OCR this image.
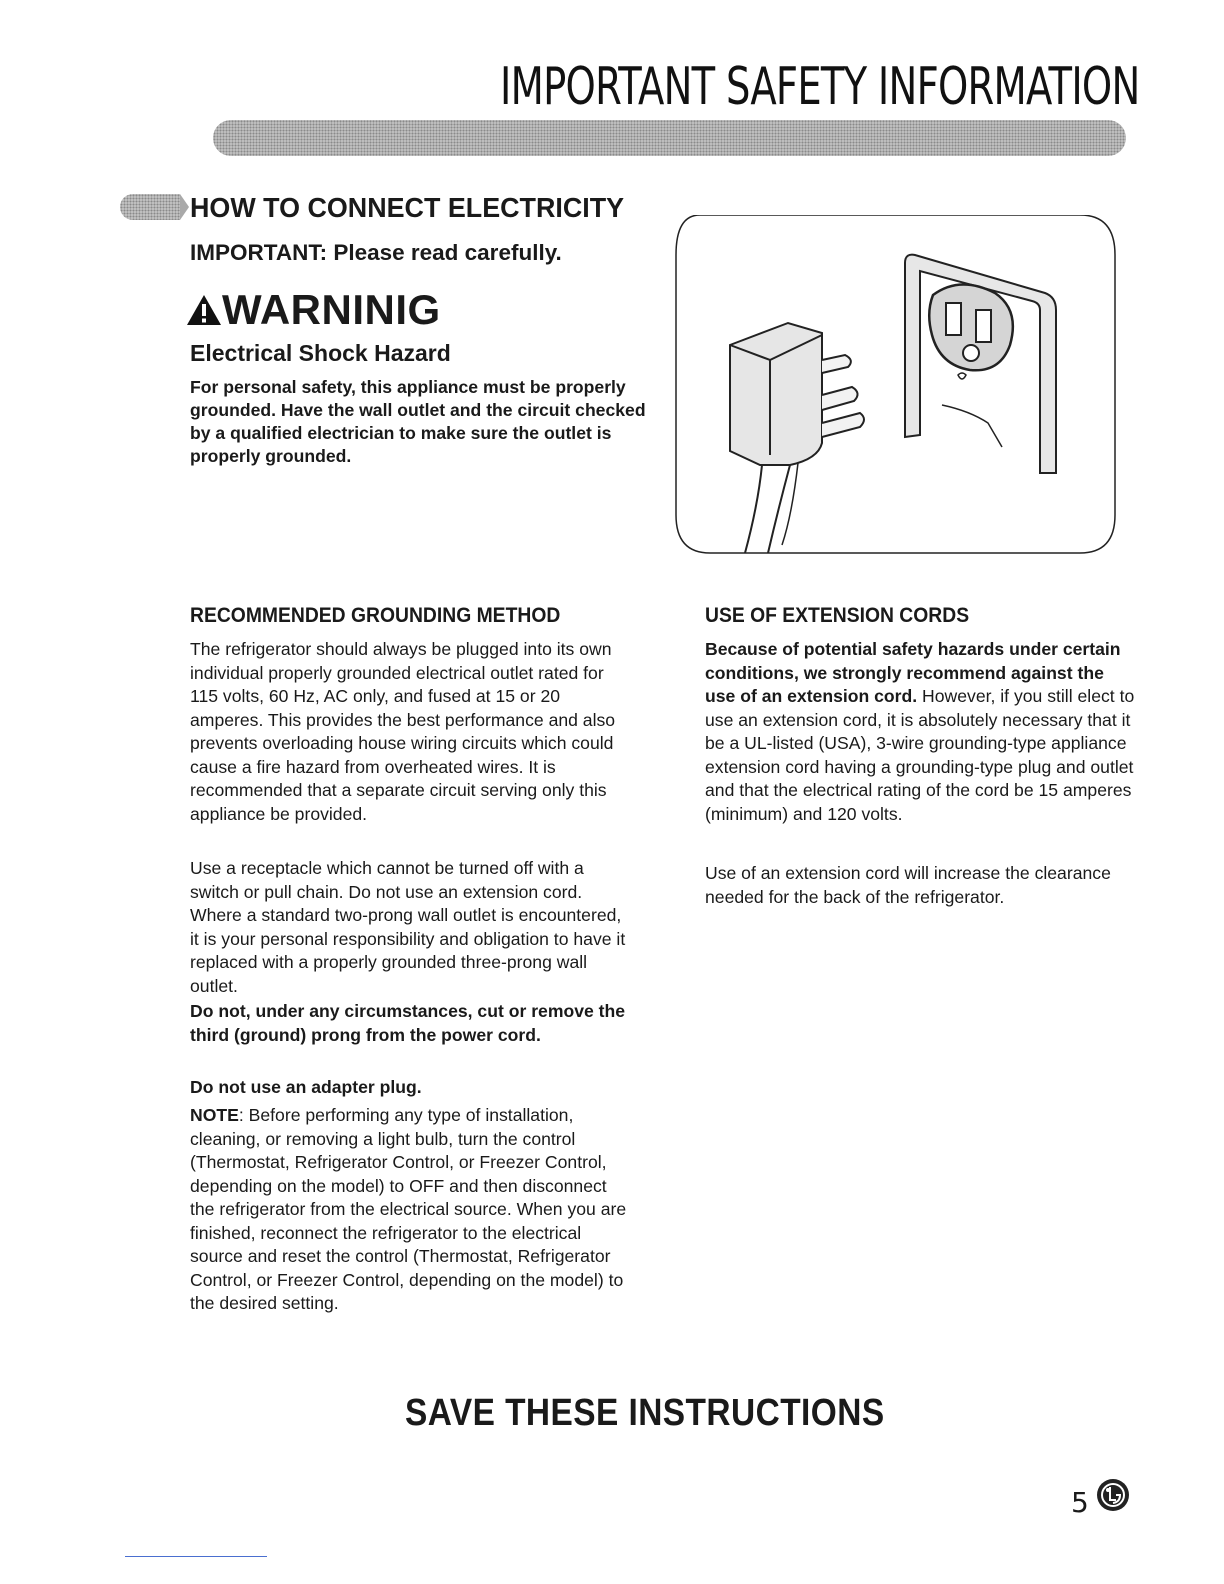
IMPORTANT SAFETY INFORMATION
HOW TO CONNECT ELECTRICITY
IMPORTANT: Please read carefully.
WARNINIG
Electrical Shock Hazard
For personal safety, this appliance must be properly grounded. Have the wall outlet and the circuit checked by a qualified electrician to make sure the outlet is properly grounded.
RECOMMENDED GROUNDING METHOD
The refrigerator should always be plugged into its own individual properly grounded electrical outlet rated for 115 volts, 60 Hz, AC only, and fused at 15 or 20 amperes. This provides the best performance and also prevents overloading house wiring circuits which could cause a fire hazard from overheated wires. It is recommended that a separate circuit serving only this appliance be provided.
Use a receptacle which cannot be turned off with a switch or pull chain. Do not use an extension cord. Where a standard two-prong wall outlet is encountered, it is your personal responsibility and obligation to have it replaced with a properly grounded three-prong wall outlet.
Do not, under any circumstances, cut or remove the third (ground) prong from the power cord.
Do not use an adapter plug.
NOTE: Before performing any type of installation, cleaning, or removing a light bulb, turn the control (Thermostat, Refrigerator Control, or Freezer Control, depending on the model) to OFF and then disconnect the refrigerator from the electrical source. When you are finished, reconnect the refrigerator to the electrical source and reset the control (Thermostat, Refrigerator Control, or Freezer Control, depending on the model) to the desired setting.
USE OF EXTENSION CORDS
Because of potential safety hazards under certain conditions, we strongly recommend against the use of an extension cord. However, if you still elect to use an extension cord, it is absolutely necessary that it be a UL-listed (USA), 3-wire grounding-type appliance extension cord having a grounding-type plug and outlet and that the electrical rating of the cord be 15 amperes (minimum) and 120 volts.
Use of an extension cord will increase the clearance needed for the back of the refrigerator.
SAVE THESE INSTRUCTIONS
5
